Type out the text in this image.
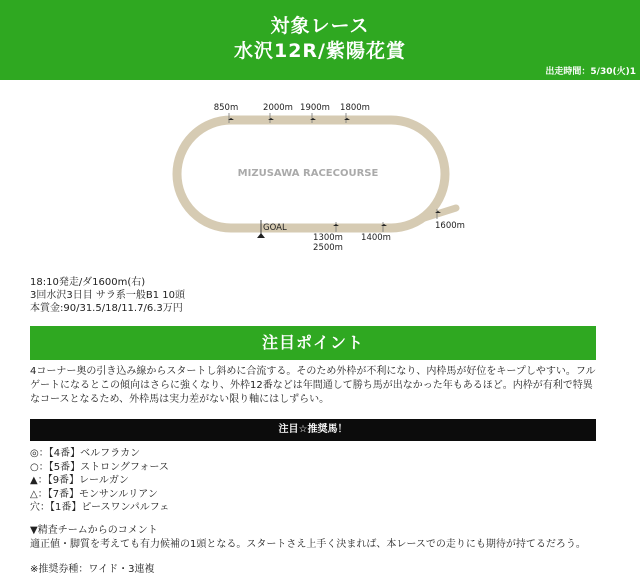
対象レース
水沢12R/紫陽花賞
出走時間：5/30(火)1
MIZUSAWA RACECOURSE
850m	2000m 1900m 1800m
GOAL
1300m
2500m
1400m
1600m
18:10発走/ダ1600m(右)
3回水沢3日目 サラ系一般B1 10頭
本賞金:90/31.5/18/11.7/6.3万円
注目ポイント
4コーナー奥の引き込み線からスタートし斜めに合流する。そのため外枠が不利になり、内枠馬が好位をキープしやすい。フルゲートになるとこの傾向はさらに強くなり、外枠12番などは年間通して勝ち馬が出なかった年もあるほど。内枠が有利で特異なコースとなるため、外枠馬は実力差がない限り軸にはしずらい。
注目☆推奨馬！
◎：【4番】ベルフラカン
○：【5番】ストロングフォース
▲：【9番】レールガン
△：【7番】モンサンルリアン
穴：【1番】ピースワンパルフェ
▼精査チームからのコメント
適正値・脚質を考えても有力候補の1頭となる。スタートさえ上手く決まれば、本レースでの走りにも期待が持てるだろう。
※推奨券種：ワイド・3連複
